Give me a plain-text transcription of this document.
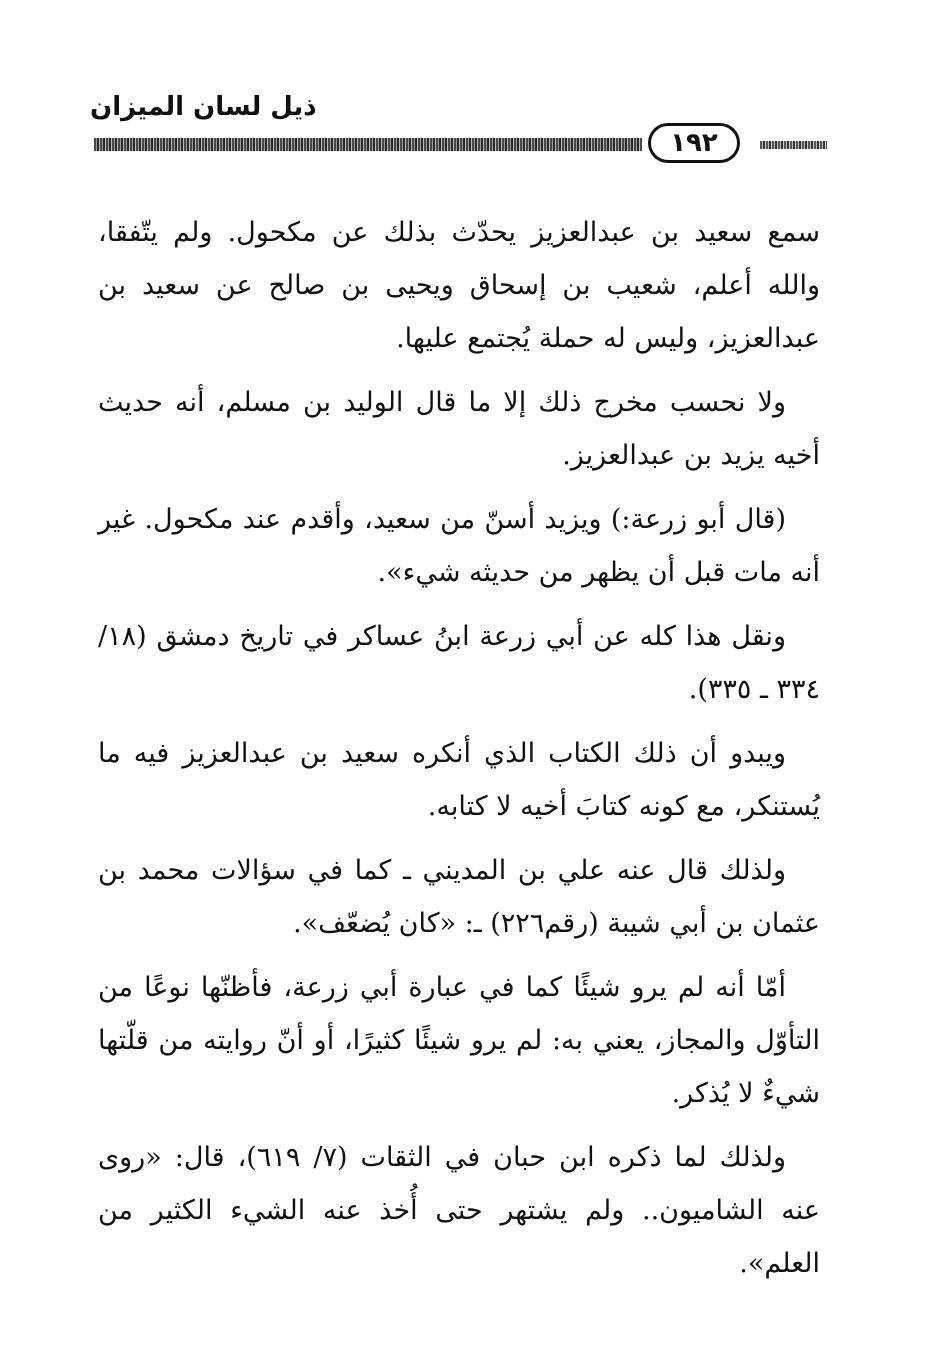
ذيل لسان الميزان
١٩٢

سمع سعيد بن عبدالعزيز يحدّث بذلك عن مكحول. ولم يتّفقا، والله أعلم، شعيب بن إسحاق ويحيى بن صالح عن سعيد بن عبدالعزيز، وليس له حملة يُجتمع عليها.

ولا نحسب مخرج ذلك إلا ما قال الوليد بن مسلم، أنه حديث أخيه يزيد بن عبدالعزيز.

(قال أبو زرعة:) ويزيد أسنّ من سعيد، وأقدم عند مكحول. غير أنه مات قبل أن يظهر من حديثه شيء».

ونقل هذا كله عن أبي زرعة ابنُ عساكر في تاريخ دمشق (١٨/ ٣٣٤ ـ ٣٣٥).

ويبدو أن ذلك الكتاب الذي أنكره سعيد بن عبدالعزيز فيه ما يُستنكر، مع كونه كتابَ أخيه لا كتابه.

ولذلك قال عنه علي بن المديني ـ كما في سؤالات محمد بن عثمان بن أبي شيبة (رقم٢٢٦) ـ: «كان يُضعّف».

أمّا أنه لم يرو شيئًا كما في عبارة أبي زرعة، فأظنّها نوعًا من التأوّل والمجاز، يعني به: لم يرو شيئًا كثيرًا، أو أنّ روايته من قلّتها شيءٌ لا يُذكر.

ولذلك لما ذكره ابن حبان في الثقات (٧/ ٦١٩)، قال: «روى عنه الشاميون.. ولم يشتهر حتى أُخذ عنه الشيء الكثير من العلم».
